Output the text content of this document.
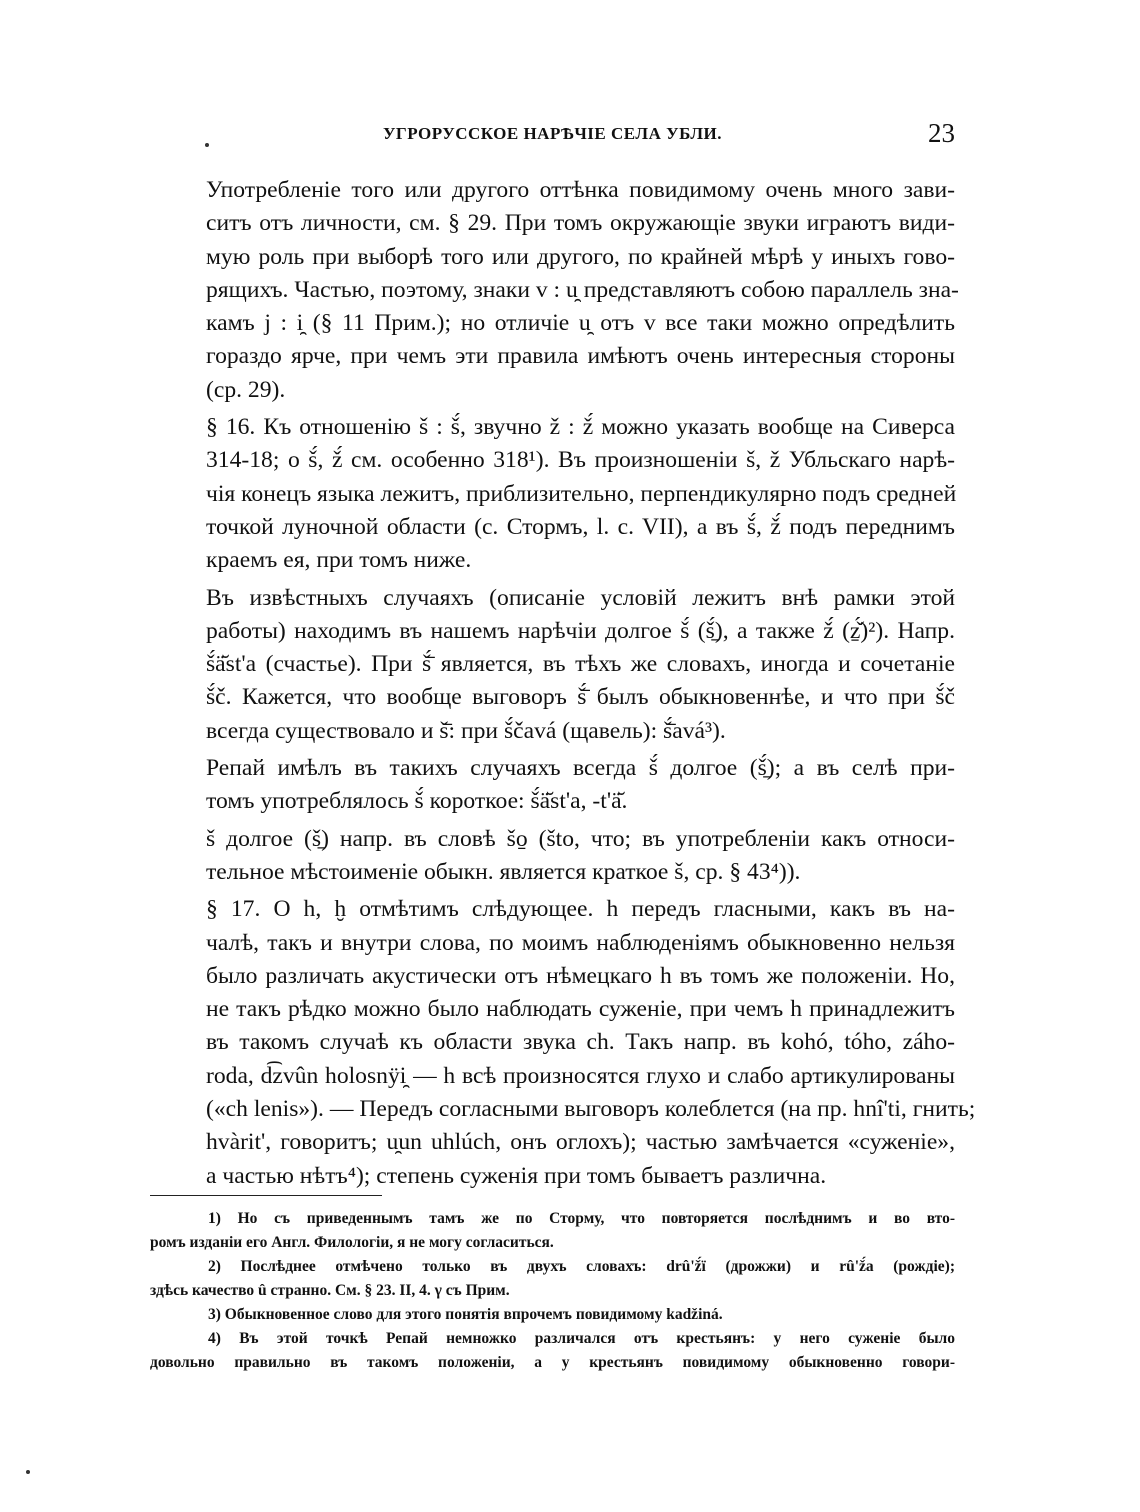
УГРОРУССКОЕ НАРѢЧІЕ СЕЛА УБЛИ.	23
Употребленіе того или другого оттѣнка повидимому очень много зави-
ситъ отъ личности, см. § 29. При томъ окружающіе звуки играютъ види-
мую роль при выборѣ того или другого, по крайней мѣрѣ у иныхъ гово-
рящихъ. Частью, поэтому, знаки v : u̯ представляютъ собою параллель зна-
камъ j : i̯ (§ 11 Прим.); но отличіе u̯ отъ v все таки можно опредѣлить
гораздо ярче, при чемъ эти правила имѣютъ очень интересныя стороны
(ср. 29).
§ 16. Къ отношенію š : š́, звучно ž : ž́ можно указать вообще на Сиверса
314-18; о š́, ž́ см. особенно 318¹). Въ произношеніи š, ž Убльскаго нарѣ-
чія конецъ языка лежитъ, приблизительно, перпендикулярно подъ средней
точкой луночной области (с. Стормъ, l. c. VII), а въ š́, ž́ подъ переднимъ
краемъ ея, при томъ ниже.
Въ извѣстныхъ случаяхъ (описаніе условій лежитъ внѣ рамки этой
работы) находимъ въ нашемъ нарѣчіи долгое š́ (š̱́), а также ž́ (ẕ̌́)²). Напр.
š́ä̆st'a (счастье). При š̄́ является, въ тѣхъ же словахъ, иногда и сочетаніе
š́č. Кажется, что вообще выговоръ š̄́ былъ обыкновеннѣе, и что при š́č
всегда существовало и š̄: при š́čavá (щавель): š̄́avá³).
Репай имѣлъ въ такихъ случаяхъ всегда š́ долгое (š̱́); а въ селѣ при-
томъ употреблялось š́ короткое: š́ä̆st'a, -t'ä̆.
š долгое (š̱) напр. въ словѣ šo̱ (što, что; въ употребленіи какъ относи-
тельное мѣстоименіе обыкн. является краткое š, ср. § 43⁴)).
§ 17. О h, ḫ отмѣтимъ слѣдующее. h передъ гласными, какъ въ на-
чалѣ, такъ и внутри слова, по моимъ наблюденіямъ обыкновенно нельзя
было различать акустически отъ нѣмецкаго h въ томъ же положеніи. Но,
не такъ рѣдко можно было наблюдать суженіе, при чемъ h принадлежитъ
въ такомъ случаѣ къ области звука ch. Такъ напр. въ kohó, tóho, záho-
roda, d͡zvûn holosnÿi̯ — h всѣ произносятся глухо и слабо артикулированы
(«ch lenis»). — Передъ согласными выговоръ колеблется (на пр. hnî'ti, гнить;
hvàrit', говоритъ; u̯un uhlúch, онъ оглохъ); частью замѣчается «суженіе»,
а частью нѣтъ⁴); степень суженія при томъ бываетъ различна.
1) Но съ приведеннымъ тамъ же по Сторму, что повторяется послѣднимъ и во вто-
ромъ изданіи его Англ. Филологіи, я не могу согласиться.
2) Послѣднее отмѣчено только въ двухъ словахъ: drû'ž́ï (дрожжи) и rû'ž́a (рождіе);
здѣсь качество û странно. См. § 23. II, 4. γ съ Прим.
3) Обыкновенное слово для этого понятія впрочемъ повидимому kadžiná.
4) Въ этой точкѣ Репай немножко различался отъ крестьянъ: у него суженіе было
довольно правильно въ такомъ положеніи, а у крестьянъ повидимому обыкновенно говори-
